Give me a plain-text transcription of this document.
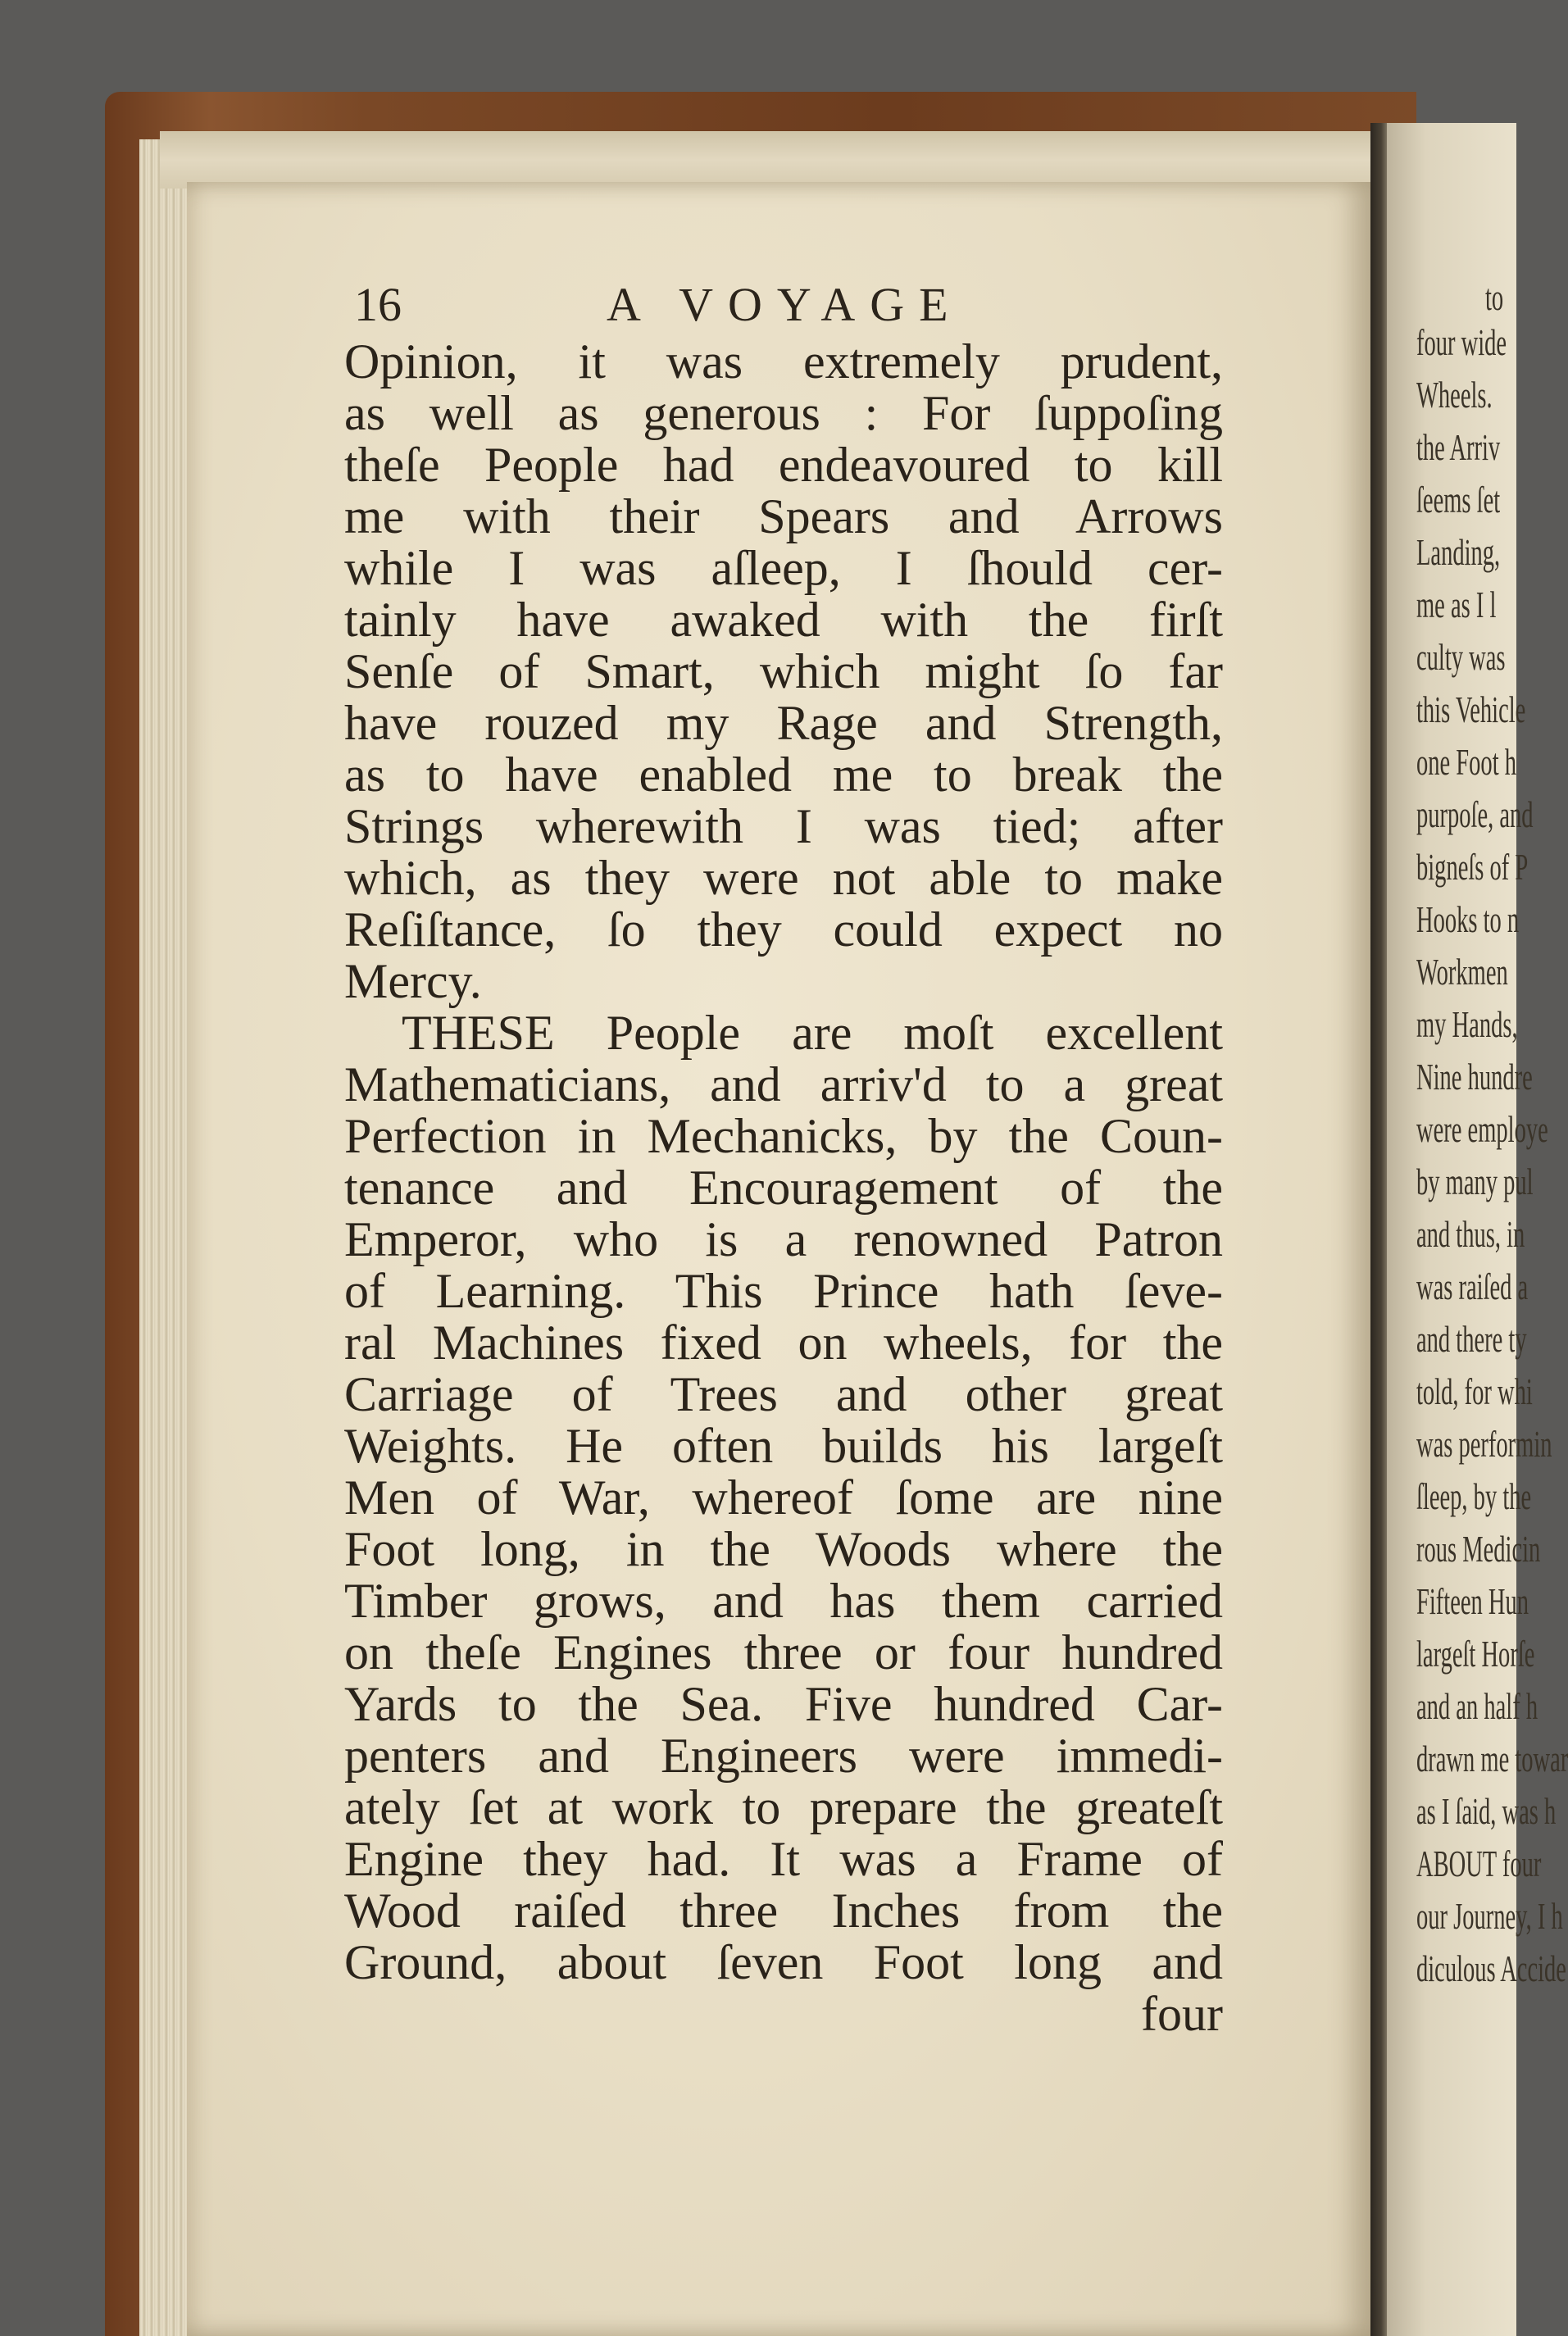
to
four wide
Wheels.
the Arriv
ſeems ſet
Landing,
me as I l
culty was
this Vehicle
one Foot h
purpoſe, and
bigneſs of P
Hooks to n
Workmen
my Hands,
Nine hundre
were employe
by many pul
and thus, in
was raiſed a
and there ty
told, for whi
was performin
ſleep, by the
rous Medicin
Fifteen Hun
largeſt Horſe
and an half h
drawn me towar
as I ſaid, was h
ABOUT four
our Journey, I h
diculous Accide
16	A VOYAGE
Opinion, it was extremely prudent,
as well as generous : For ſuppoſing
theſe People had endeavoured to kill
me with their Spears and Arrows
while I was aſleep, I ſhould cer-
tainly have awaked with the firſt
Senſe of Smart, which might ſo far
have rouzed my Rage and Strength,
as to have enabled me to break the
Strings wherewith I was tied; after
which, as they were not able to make
Reſiſtance, ſo they could expect no
Mercy.
THESE People are moſt excellent
Mathematicians, and arriv'd to a great
Perfection in Mechanicks, by the Coun-
tenance and Encouragement of the
Emperor, who is a renowned Patron
of Learning. This Prince hath ſeve-
ral Machines fixed on wheels, for the
Carriage of Trees and other great
Weights. He often builds his largeſt
Men of War, whereof ſome are nine
Foot long, in the Woods where the
Timber grows, and has them carried
on theſe Engines three or four hundred
Yards to the Sea. Five hundred Car-
penters and Engineers were immedi-
ately ſet at work to prepare the greateſt
Engine they had. It was a Frame of
Wood raiſed three Inches from the
Ground, about ſeven Foot long and
four
